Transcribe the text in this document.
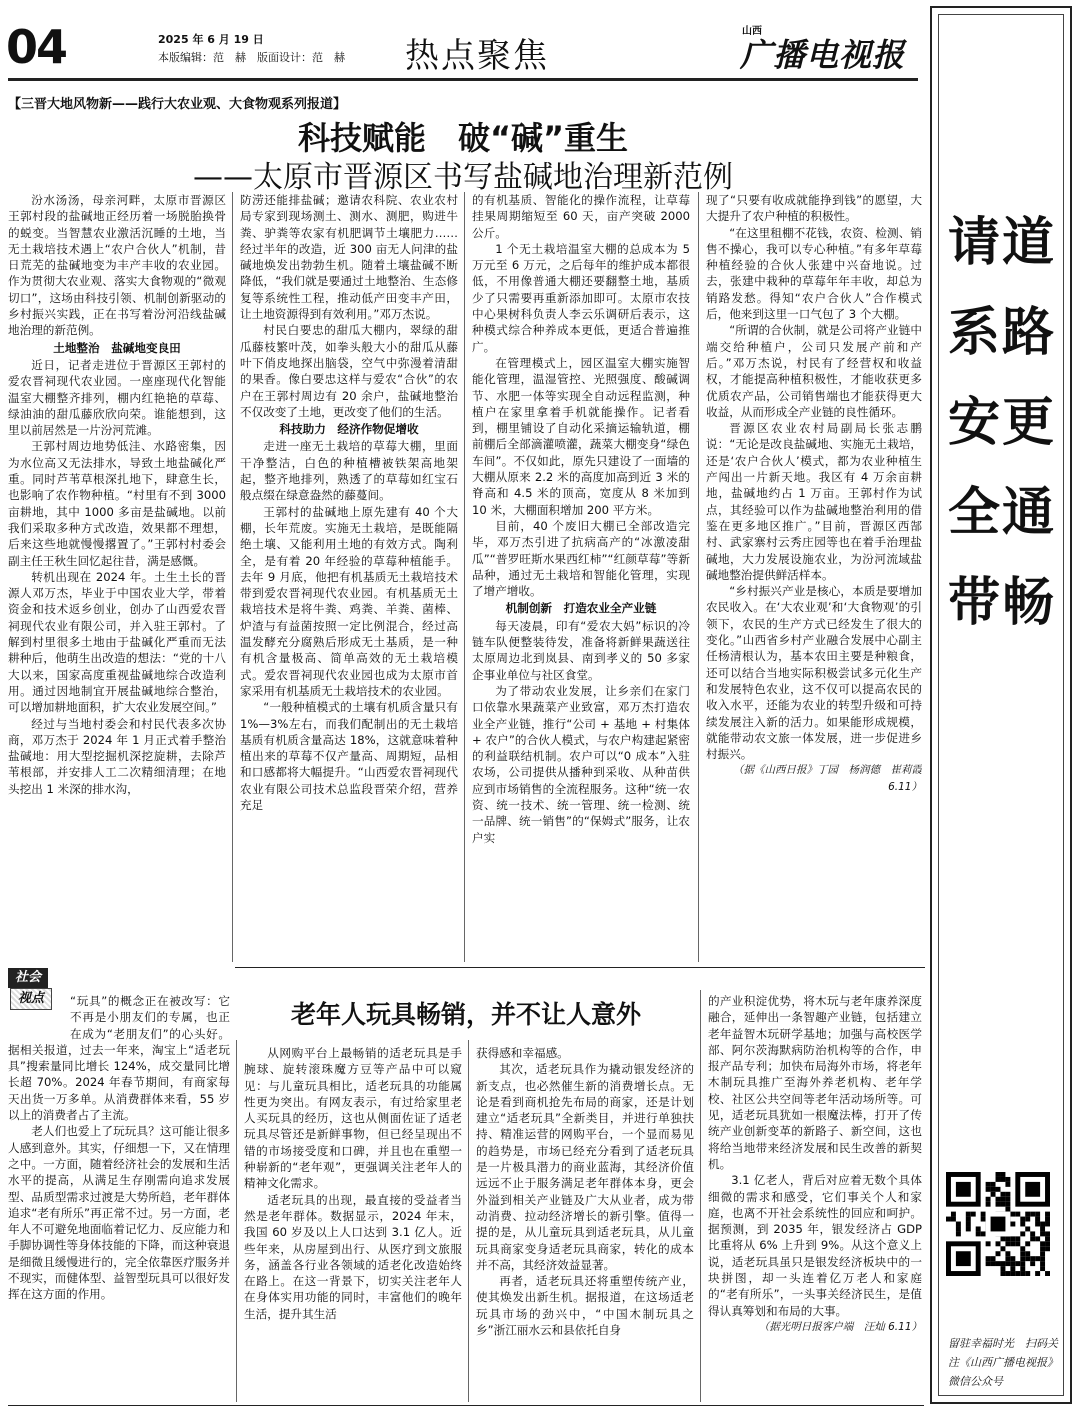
04	2025 年 6 月 19 日
本版编辑：范　赫　版面设计：范　赫 热点聚焦
山西
广播电视报
【三晋大地风物新——践行大农业观、大食物观系列报道】
科技赋能　破“碱”重生
——太原市晋源区书写盐碱地治理新范例

汾水汤汤，母亲河畔，太原市晋源区王郭村段的盐碱地正经历着一场脱胎换骨的蜕变。当智慧农业激活沉睡的土地，当无土栽培技术遇上“农户合伙人”机制，昔日荒芜的盐碱地变为丰产丰收的农业园。作为贯彻大农业观、落实大食物观的“微观切口”，这场由科技引领、机制创新驱动的乡村振兴实践，正在书写着汾河沿线盐碱地治理的新范例。

土地整治　盐碱地变良田

近日，记者走进位于晋源区王郭村的爱农晋祠现代农业园。一座座现代化智能温室大棚整齐排列，棚内红艳艳的草莓、绿油油的甜瓜藤欣欣向荣。谁能想到，这里以前居然是一片汾河荒滩。

王郭村周边地势低洼、水路密集，因为水位高又无法排水，导致土地盐碱化严重。同时芦苇草根深扎地下，肆意生长，也影响了农作物种植。“村里有不到 3000 亩耕地，其中 1000 多亩是盐碱地。以前我们采取多种方式改造，效果都不理想，后来这些地就慢慢撂置了。”王郭村村委会副主任王秋生回忆起往昔，满是感慨。

转机出现在 2024 年。土生土长的晋源人邓万杰，毕业于中国农业大学，带着资金和技术返乡创业，创办了山西爱农晋祠现代农业有限公司，并入驻王郭村。了解到村里很多土地由于盐碱化严重而无法耕种后，他萌生出改造的想法：“党的十八大以来，国家高度重视盐碱地综合改造利用。通过因地制宜开展盐碱地综合整治，可以增加耕地面积，扩大农业发展空间。”

经过与当地村委会和村民代表多次协商，邓万杰于 2024 年 1 月正式着手整治盐碱地：用大型挖掘机深挖旋耕，去除芦苇根部，并安排人工二次精细清理；在地头挖出 1 米深的排水沟，

防涝还能排盐碱；邀请农科院、农业农村局专家到现场测土、测水、测肥，购进牛粪、驴粪等农家有机肥调节土壤肥力……经过半年的改造，近 300 亩无人问津的盐碱地焕发出勃勃生机。随着土壤盐碱不断降低，“我们就是要通过土地整治、生态修复等系统性工程，推动低产田变丰产田，让土地资源得到有效利用。”邓万杰说。

村民白要忠的甜瓜大棚内，翠绿的甜瓜藤枝繁叶茂，如拳头般大小的甜瓜从藤叶下俏皮地探出脑袋，空气中弥漫着清甜的果香。像白要忠这样与爱农“合伙”的农户在王郭村周边有 20 余户，盐碱地整治不仅改变了土地，更改变了他们的生活。

科技助力　经济作物促增收

走进一座无土栽培的草莓大棚，里面干净整洁，白色的种植槽被铁架高地架起，整齐地排列，熟透了的草莓如红宝石般点缀在绿意盎然的藤蔓间。

王郭村的盐碱地上原先建有 40 个大棚，长年荒废。实施无土栽培，是既能隔绝土壤、又能利用土地的有效方式。陶利全，是有着 20 年经验的草莓种植能手。去年 9 月底，他把有机基质无土栽培技术带到爱农晋祠现代农业园。有机基质无土栽培技术是将牛粪、鸡粪、羊粪、菌棒、炉渣与有益菌按照一定比例混合，经过高温发酵充分腐熟后形成无土基质，是一种有机含量极高、简单高效的无土栽培模式。爱农晋祠现代农业园也成为太原市首家采用有机基质无土栽培技术的农业园。

“一般种植模式的土壤有机质含量只有 1%—3%左右，而我们配制出的无土栽培基质有机质含量高达 18%，这就意味着种植出来的草莓不仅产量高、周期短，品相和口感都将大幅提升。“山西爱农晋祠现代农业有限公司技术总监段晋荣介绍，营养充足

的有机基质、智能化的操作流程，让草莓挂果周期缩短至 60 天，亩产突破 2000 公斤。

1 个无土栽培温室大棚的总成本为 5 万元至 6 万元，之后每年的维护成本都很低，不用像普通大棚还要翻整土地，基质少了只需要再重新添加即可。太原市农技中心果树科负责人李云乐调研后表示，这种模式综合种养成本更低，更适合普遍推广。

在管理模式上，园区温室大棚实施智能化管理，温湿管控、光照强度、酸碱调节、水肥一体等实现全自动远程监测，种植户在家里拿着手机就能操作。记者看到，棚里铺设了自动化采摘运输轨道，棚前棚后全部滴灌喷灌，蔬菜大棚变身“绿色车间”。不仅如此，原先只建设了一面墙的大棚从原来 2.2 米的高度加高到近 3 米的脊高和 4.5 米的顶高，宽度从 8 米加到 10 米，大棚面积增加 200 平方米。

目前，40 个废旧大棚已全部改造完毕，邓万杰引进了抗病高产的“冰激凌甜瓜”“普罗旺斯水果西红柿”“红颜草莓”等新品种，通过无土栽培和智能化管理，实现了增产增收。

机制创新　打造农业全产业链

每天凌晨，印有“爱农大妈”标识的冷链车队便整装待发，准备将新鲜果蔬送往太原周边北到岚县、南到孝义的 50 多家企事业单位与社区食堂。

为了带动农业发展，让乡亲们在家门口依靠水果蔬菜产业致富，邓万杰打造农业全产业链，推行“公司 + 基地 + 村集体 + 农户”的合伙人模式，与农户构建起紧密的利益联结机制。农户可以“0 成本”入驻农场，公司提供从播种到采收、从种苗供应到市场销售的全流程服务。这种“统一农资、统一技术、统一管理、统一检测、统一品牌、统一销售”的“保姆式”服务，让农户实

现了“只要有收成就能挣到钱”的愿望，大大提升了农户种植的积极性。

“在这里租棚不花钱，农资、检测、销售不操心，我可以专心种植。”有多年草莓种植经验的合伙人张建中兴奋地说。过去，张建中栽种的草莓年年丰收，却总为销路发愁。得知“农户合伙人”合作模式后，他来到这里一口气包了 3 个大棚。

“所谓的合伙制，就是公司将产业链中端交给种植户，公司只发展产前和产后。”邓万杰说，村民有了经营权和收益权，才能提高种植积极性，才能收获更多优质农产品，公司销售端也才能获得更大收益，从而形成全产业链的良性循环。

晋源区农业农村局副局长张志鹏说：“无论是改良盐碱地、实施无土栽培，还是‘农户合伙人’模式，都为农业种植生产闯出一片新天地。我区有 4 万余亩耕地，盐碱地约占 1 万亩。王郭村作为试点，其经验可以作为盐碱地整治利用的借鉴在更多地区推广。”目前，晋源区西郜村、武家寨村云秀庄园等也在着手治理盐碱地，大力发展设施农业，为汾河流域盐碱地整治提供鲜活样本。

“乡村振兴产业是核心，本质是要增加农民收入。在‘大农业观’和‘大食物观’的引领下，农民的生产方式已经发生了很大的变化。”山西省乡村产业融合发展中心副主任杨清根认为，基本农田主要是种粮食，还可以结合当地实际积极尝试多元化生产和发展特色农业，这不仅可以提高农民的收入水平，还能为农业的转型升级和可持续发展注入新的活力。如果能形成规模，就能带动农文旅一体发展，进一步促进乡村振兴。

（据《山西日报》丁园　杨润德　崔莉霞 6.11）

社会
视点
老年人玩具畅销，并不让人意外

“玩具”的概念正在被改写：它不再是小朋友们的专属，也正在成为“老朋友们”的心头好。据相关报道，过去一年来，淘宝上“适老玩具”搜索量同比增长 124%，成交量同比增长超 70%。2024 年春节期间，有商家每天出货一万多单。从消费群体来看，55 岁以上的消费者占了主流。

老人们也爱上了玩玩具？这可能让很多人感到意外。其实，仔细想一下，又在情理之中。一方面，随着经济社会的发展和生活水平的提高，从满足生存刚需向追求发展型、品质型需求过渡是大势所趋，老年群体追求“老有所乐”再正常不过。另一方面，老年人不可避免地面临着记忆力、反应能力和手脚协调性等身体技能的下降，而这种衰退是细微且缓慢进行的，完全依靠医疗服务并不现实，而健体型、益智型玩具可以很好发挥在这方面的作用。

从网购平台上最畅销的适老玩具是手腕球、旋转滚珠魔方豆等产品中可以窥见：与儿童玩具相比，适老玩具的功能属性更为突出。有网友表示，有过给家里老人买玩具的经历，这也从侧面佐证了适老玩具尽管还是新鲜事物，但已经呈现出不错的市场接受度和口碑，并且也在重塑一种崭新的“老年观”，更强调关注老年人的精神文化需求。

适老玩具的出现，最直接的受益者当然是老年群体。数据显示，2024 年末，我国 60 岁及以上人口达到 3.1 亿人。近些年来，从房屋到出行、从医疗到文旅服务，涵盖各行业各领域的适老化改造始终在路上。在这一背景下，切实关注老年人在身体实用功能的同时，丰富他们的晚年生活，提升其生活

获得感和幸福感。

其次，适老玩具作为撬动银发经济的新支点，也必然催生新的消费增长点。无论是看到商机抢先布局的商家，还是计划建立“适老玩具”全新类目，并进行单独扶持、精准运营的网购平台，一个显而易见的趋势是，市场已经充分看到了适老玩具是一片极具潜力的商业蓝海，其经济价值远远不止于服务满足老年群体本身，更会外溢到相关产业链及广大从业者，成为带动消费、拉动经济增长的新引擎。值得一提的是，从儿童玩具到适老玩具，从儿童玩具商家变身适老玩具商家，转化的成本并不高，其经济效益显著。

再者，适老玩具还将重塑传统产业，使其焕发出新生机。据报道，在这场适老玩具市场的劲兴中，“中国木制玩具之乡”浙江丽水云和县依托自身

的产业积淀优势，将木玩与老年康养深度融合，延伸出一条智趣产业链，包括建立老年益智木玩研学基地；加强与高校医学部、阿尔茨海默病防治机构等的合作，申报产品专利；加快布局海外市场，将老年木制玩具推广至海外养老机构、老年学校、社区公共空间等老年活动场所等。可见，适老玩具犹如一根魔法棒，打开了传统产业创新变革的新路子、新空间，这也将给当地带来经济发展和民生改善的新契机。

3.1 亿老人，背后对应着无数个具体细微的需求和感受，它们事关个人和家庭，也离不开社会系统性的回应和呵护。据预测，到 2035 年，银发经济占 GDP 比重将从 6% 上升到 9%。从这个意义上说，适老玩具虽只是银发经济板块中的一块拼图，却一头连着亿万老人和家庭的“老有所乐”，一头事关经济民生，是值得认真筹划和布局的大事。

（据光明日报客户端　汪灿 6.11）

请
系
安
全
带
道
路
更
通
畅
留驻幸福时光　扫码关注《山西广播电视报》微信公众号
